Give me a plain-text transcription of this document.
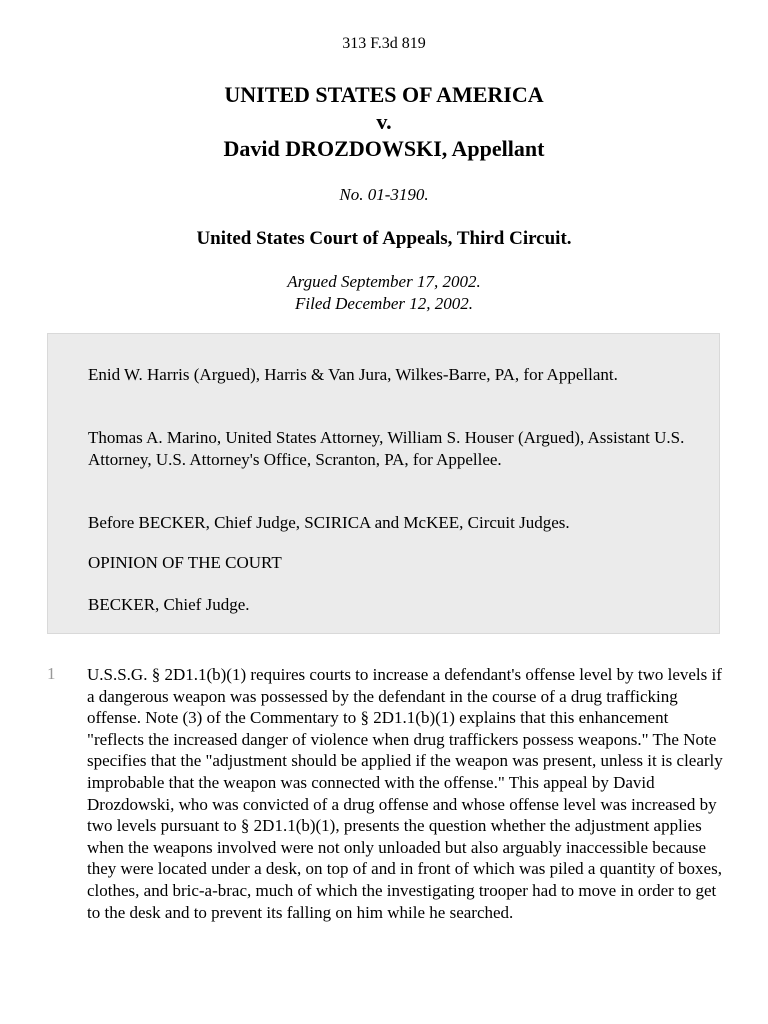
313 F.3d 819
UNITED STATES OF AMERICA
v.
David DROZDOWSKI, Appellant
No. 01-3190.
United States Court of Appeals, Third Circuit.
Argued September 17, 2002.
Filed December 12, 2002.

Enid W. Harris (Argued), Harris & Van Jura, Wilkes-Barre, PA, for Appellant.

Thomas A. Marino, United States Attorney, William S. Houser (Argued), Assistant U.S. Attorney, U.S. Attorney's Office, Scranton, PA, for Appellee.

Before BECKER, Chief Judge, SCIRICA and McKEE, Circuit Judges.

OPINION OF THE COURT

BECKER, Chief Judge.

1 U.S.S.G. § 2D1.1(b)(1) requires courts to increase a defendant's offense level by two levels if a dangerous weapon was possessed by the defendant in the course of a drug trafficking offense. Note (3) of the Commentary to § 2D1.1(b)(1) explains that this enhancement "reflects the increased danger of violence when drug traffickers possess weapons." The Note specifies that the "adjustment should be applied if the weapon was present, unless it is clearly improbable that the weapon was connected with the offense." This appeal by David Drozdowski, who was convicted of a drug offense and whose offense level was increased by two levels pursuant to § 2D1.1(b)(1), presents the question whether the adjustment applies when the weapons involved were not only unloaded but also arguably inaccessible because they were located under a desk, on top of and in front of which was piled a quantity of boxes, clothes, and bric-a-brac, much of which the investigating trooper had to move in order to get to the desk and to prevent its falling on him while he searched.
